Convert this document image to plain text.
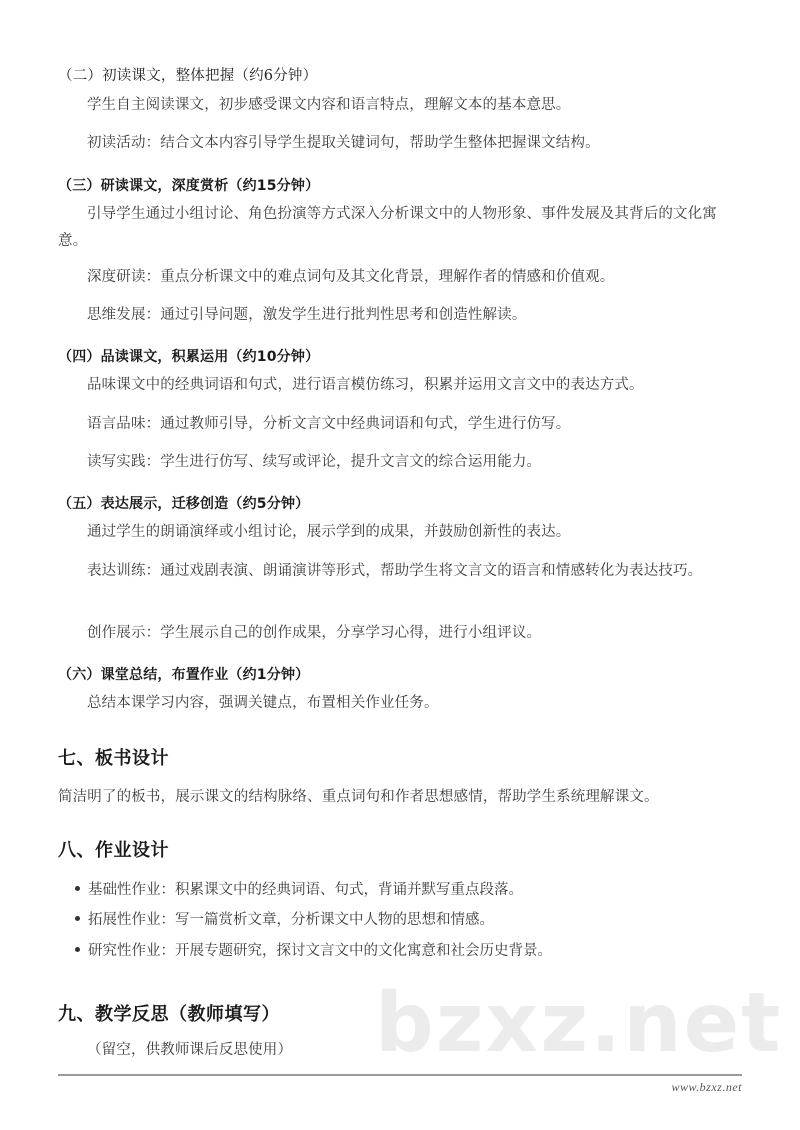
（二）初读课文，整体把握（约6分钟）
学生自主阅读课文，初步感受课文内容和语言特点，理解文本的基本意思。
初读活动：结合文本内容引导学生提取关键词句，帮助学生整体把握课文结构。
（三）研读课文，深度赏析（约15分钟）
引导学生通过小组讨论、角色扮演等方式深入分析课文中的人物形象、事件发展及其背后的文化寓意。
深度研读：重点分析课文中的难点词句及其文化背景，理解作者的情感和价值观。
思维发展：通过引导问题，激发学生进行批判性思考和创造性解读。
（四）品读课文，积累运用（约10分钟）
品味课文中的经典词语和句式，进行语言模仿练习，积累并运用文言文中的表达方式。
语言品味：通过教师引导，分析文言文中经典词语和句式，学生进行仿写。
读写实践：学生进行仿写、续写或评论，提升文言文的综合运用能力。
（五）表达展示，迁移创造（约5分钟）
通过学生的朗诵演绎或小组讨论，展示学到的成果，并鼓励创新性的表达。
表达训练：通过戏剧表演、朗诵演讲等形式，帮助学生将文言文的语言和情感转化为表达技巧。
创作展示：学生展示自己的创作成果，分享学习心得，进行小组评议。
（六）课堂总结，布置作业（约1分钟）
总结本课学习内容，强调关键点，布置相关作业任务。
七、板书设计
简洁明了的板书，展示课文的结构脉络、重点词句和作者思想感情，帮助学生系统理解课文。
八、作业设计
基础性作业：积累课文中的经典词语、句式，背诵并默写重点段落。
拓展性作业：写一篇赏析文章，分析课文中人物的思想和情感。
研究性作业：开展专题研究，探讨文言文中的文化寓意和社会历史背景。
九、教学反思（教师填写）
（留空，供教师课后反思使用）	bzxz.net
www.bzxz.net
